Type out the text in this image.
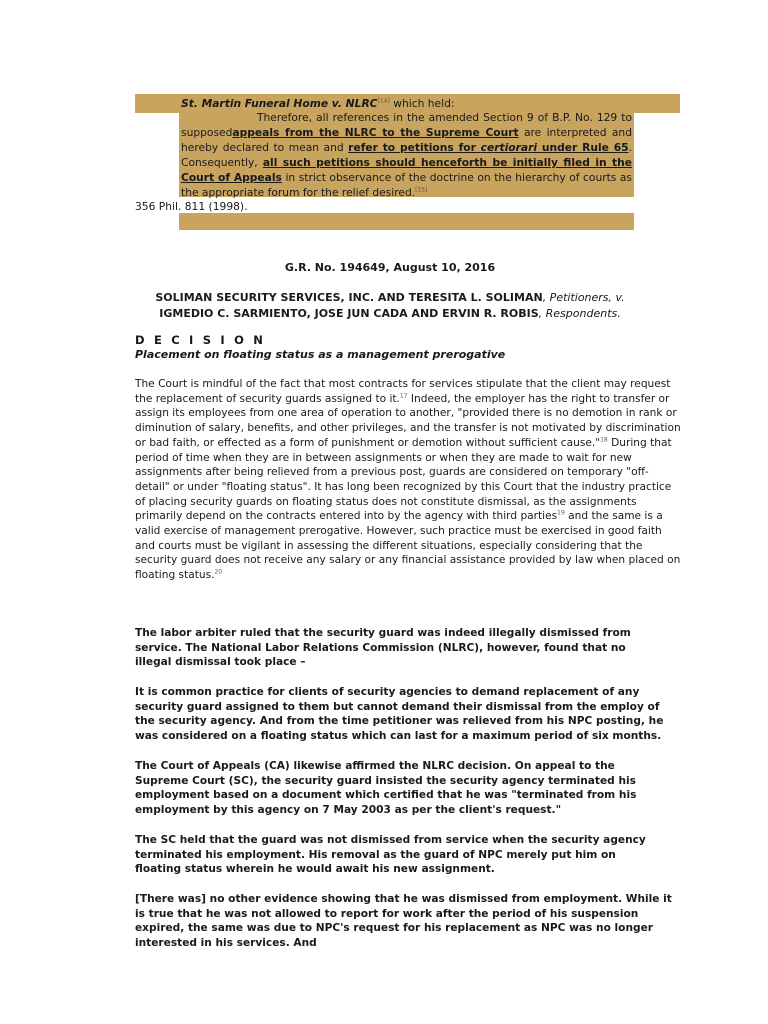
St. Martin Funeral Home v. NLRC[14] which held:
Therefore, all references in the amended Section 9 of B.P. No. 129 to supposedappeals from the NLRC to the Supreme Court are interpreted and hereby declared to mean and refer to petitions for certiorari under Rule 65. Consequently, all such petitions should henceforth be initially filed in the Court of Appeals in strict observance of the doctrine on the hierarchy of courts as the appropriate forum for the relief desired.[15]
356 Phil. 811 (1998).
G.R. No. 194649, August 10, 2016
SOLIMAN SECURITY SERVICES, INC. AND TERESITA L. SOLIMAN, Petitioners, v. IGMEDIO C. SARMIENTO, JOSE JUN CADA AND ERVIN R. ROBIS, Respondents.
D E C I S I O N
Placement on floating status as a management prerogative
The Court is mindful of the fact that most contracts for services stipulate that the client may request the replacement of security guards assigned to it.$^{17}$ Indeed, the employer has the right to transfer or assign its employees from one area of operation to another, "provided there is no demotion in rank or diminution of salary, benefits, and other privileges, and the transfer is not motivated by discrimination or bad faith, or effected as a form of punishment or demotion without sufficient cause."$^{18}$ During that period of time when they are in between assignments or when they are made to wait for new assignments after being relieved from a previous post, guards are considered on temporary "off-detail" or under "floating status". It has long been recognized by this Court that the industry practice of placing security guards on floating status does not constitute dismissal, as the assignments primarily depend on the contracts entered into by the agency with third parties$^{19}$ and the same is a valid exercise of management prerogative. However, such practice must be exercised in good faith and courts must be vigilant in assessing the different situations, especially considering that the security guard does not receive any salary or any financial assistance provided by law when placed on floating status.$^{20}$
The labor arbiter ruled that the security guard was indeed illegally dismissed from service. The National Labor Relations Commission (NLRC), however, found that no illegal dismissal took place –
It is common practice for clients of security agencies to demand replacement of any security guard assigned to them but cannot demand their dismissal from the employ of the security agency. And from the time petitioner was relieved from his NPC posting, he was considered on a floating status which can last for a maximum period of six months.
The Court of Appeals (CA) likewise affirmed the NLRC decision. On appeal to the Supreme Court (SC), the security guard insisted the security agency terminated his employment based on a document which certified that he was "terminated from his employment by this agency on 7 May 2003 as per the client's request."
The SC held that the guard was not dismissed from service when the security agency terminated his employment. His removal as the guard of NPC merely put him on floating status wherein he would await his new assignment.
[There was] no other evidence showing that he was dismissed from employment. While it is true that he was not allowed to report for work after the period of his suspension expired, the same was due to NPC's request for his replacement as NPC was no longer interested in his services. And
